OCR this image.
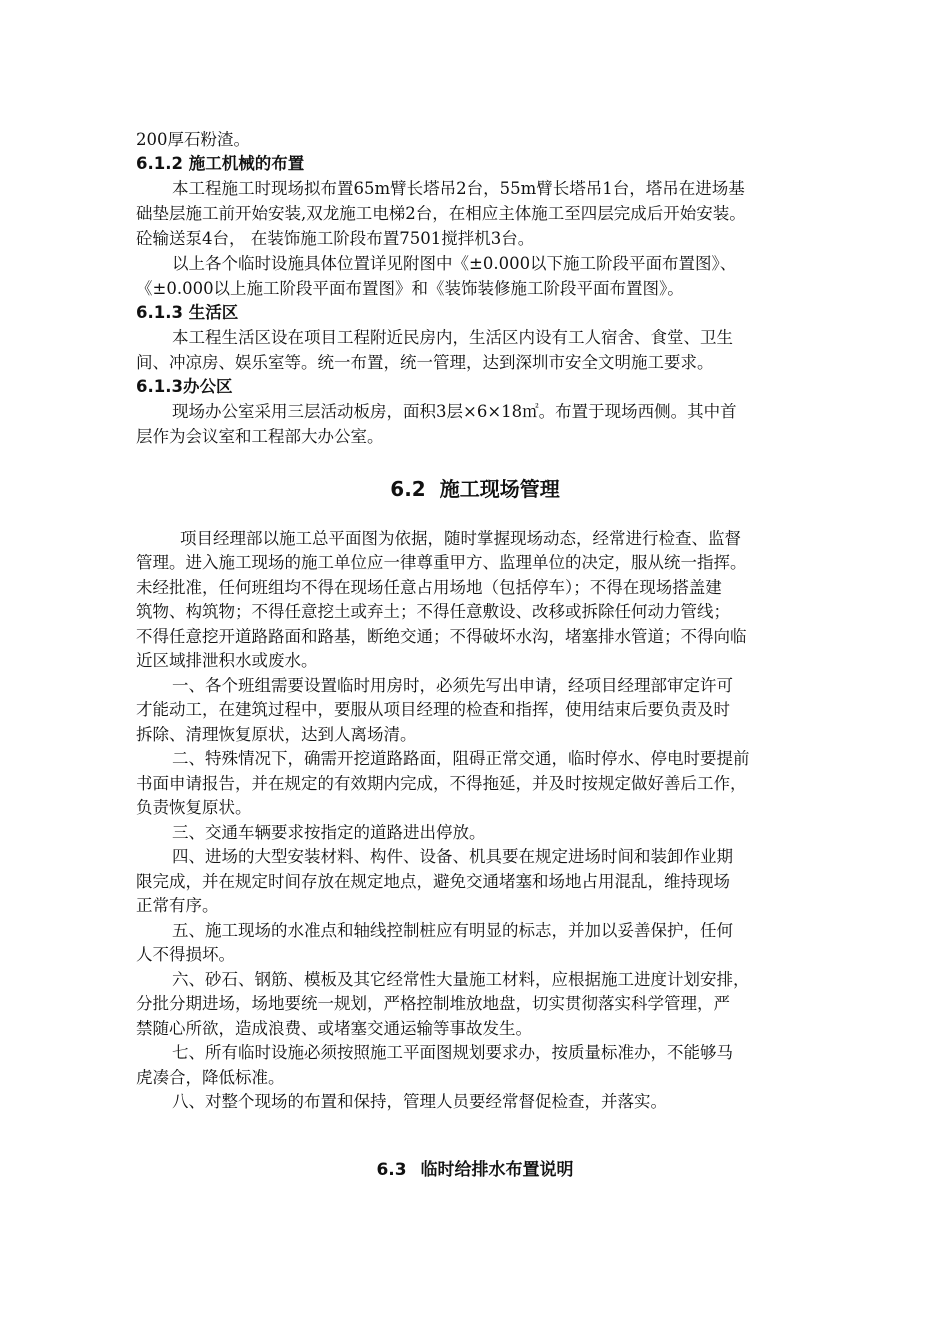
200厚石粉渣。
6.1.2 施工机械的布置
本工程施工时现场拟布置65m臂长塔吊2台，55m臂长塔吊1台，塔吊在进场基
础垫层施工前开始安装,双龙施工电梯2台，在相应主体施工至四层完成后开始安装。
砼输送泵4台， 在装饰施工阶段布置7501搅拌机3台。
以上各个临时设施具体位置详见附图中《±0.000以下施工阶段平面布置图》、
《±0.000以上施工阶段平面布置图》和《装饰装修施工阶段平面布置图》。
6.1.3 生活区
本工程生活区设在项目工程附近民房内，生活区内设有工人宿舍、食堂、卫生
间、冲凉房、娱乐室等。统一布置，统一管理，达到深圳市安全文明施工要求。
6.1.3办公区
现场办公室采用三层活动板房，面积3层×6×18㎡。布置于现场西侧。其中首
层作为会议室和工程部大办公室。
6.2 施工现场管理
项目经理部以施工总平面图为依据，随时掌握现场动态，经常进行检查、监督
管理。进入施工现场的施工单位应一律尊重甲方、监理单位的决定，服从统一指挥。
未经批准，任何班组均不得在现场任意占用场地（包括停车）；不得在现场搭盖建
筑物、构筑物；不得任意挖土或弃土；不得任意敷设、改移或拆除任何动力管线；
不得任意挖开道路路面和路基，断绝交通；不得破坏水沟，堵塞排水管道；不得向临
近区域排泄积水或废水。
一、各个班组需要设置临时用房时，必须先写出申请，经项目经理部审定许可
才能动工，在建筑过程中，要服从项目经理的检查和指挥，使用结束后要负责及时
拆除、清理恢复原状，达到人离场清。
二、特殊情况下，确需开挖道路路面，阻碍正常交通，临时停水、停电时要提前
书面申请报告，并在规定的有效期内完成，不得拖延，并及时按规定做好善后工作，
负责恢复原状。
三、交通车辆要求按指定的道路进出停放。
四、进场的大型安装材料、构件、设备、机具要在规定进场时间和装卸作业期
限完成，并在规定时间存放在规定地点，避免交通堵塞和场地占用混乱，维持现场
正常有序。
五、施工现场的水准点和轴线控制桩应有明显的标志，并加以妥善保护，任何
人不得损坏。
六、砂石、钢筋、模板及其它经常性大量施工材料，应根据施工进度计划安排，
分批分期进场，场地要统一规划，严格控制堆放地盘，切实贯彻落实科学管理，严
禁随心所欲，造成浪费、或堵塞交通运输等事故发生。
七、所有临时设施必须按照施工平面图规划要求办，按质量标准办，不能够马
虎凑合，降低标准。
八、对整个现场的布置和保持，管理人员要经常督促检查，并落实。
6.3 临时给排水布置说明
